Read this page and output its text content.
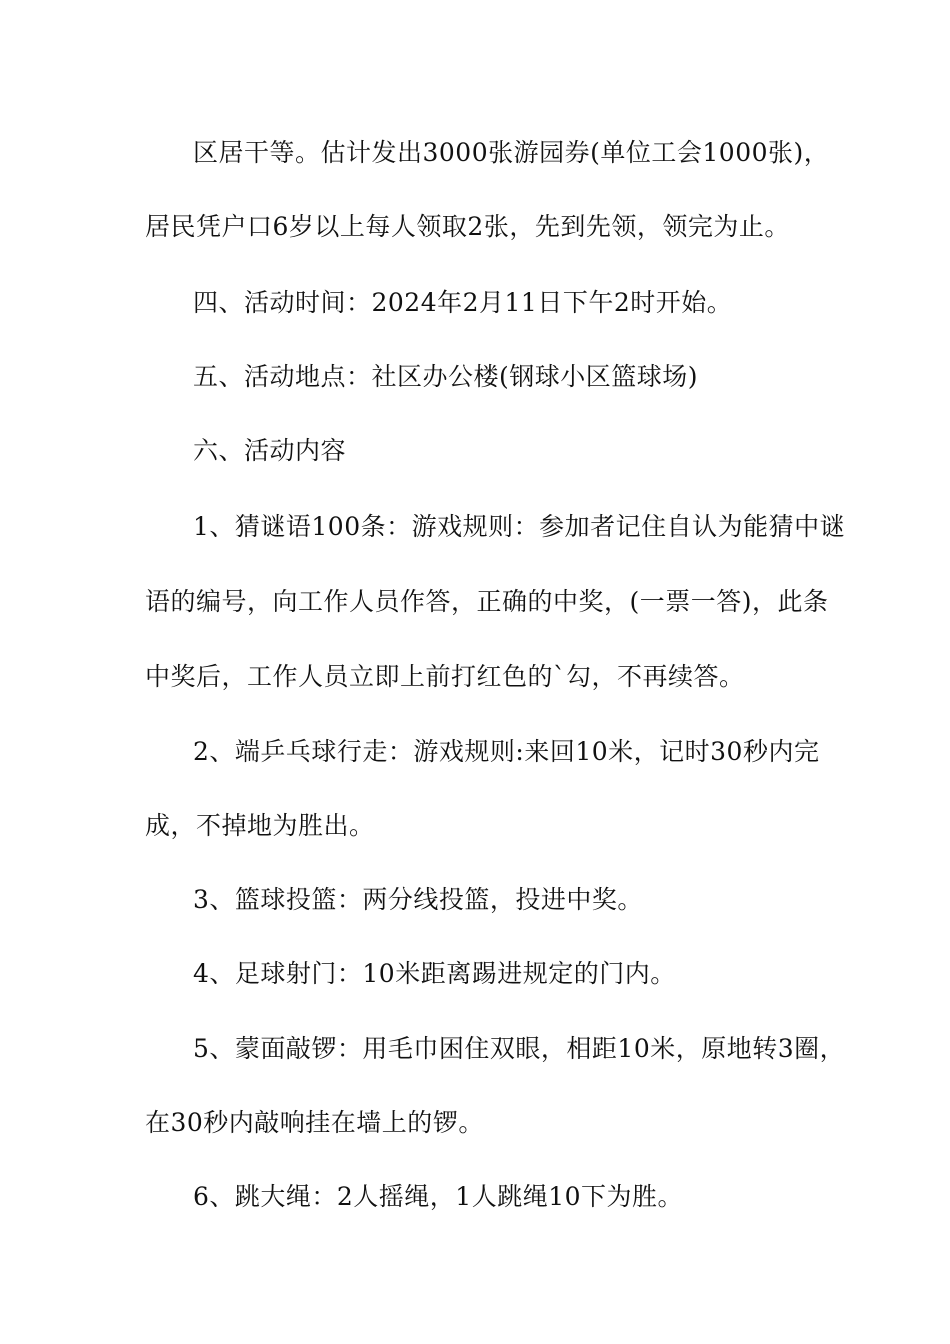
区居干等。估计发出3000张游园券(单位工会1000张)，
居民凭户口6岁以上每人领取2张，先到先领，领完为止。
四、活动时间：2024年2月11日下午2时开始。
五、活动地点：社区办公楼(钢球小区篮球场)
六、活动内容
1、猜谜语100条：游戏规则：参加者记住自认为能猜中谜
语的编号，向工作人员作答，正确的中奖，(一票一答)，此条
中奖后，工作人员立即上前打红色的`勾，不再续答。
2、端乒乓球行走：游戏规则:来回10米，记时30秒内完
成，不掉地为胜出。
3、篮球投篮：两分线投篮，投进中奖。
4、足球射门：10米距离踢进规定的门内。
5、蒙面敲锣：用毛巾困住双眼，相距10米，原地转3圈，
在30秒内敲响挂在墙上的锣。
6、跳大绳：2人摇绳，1人跳绳10下为胜。
